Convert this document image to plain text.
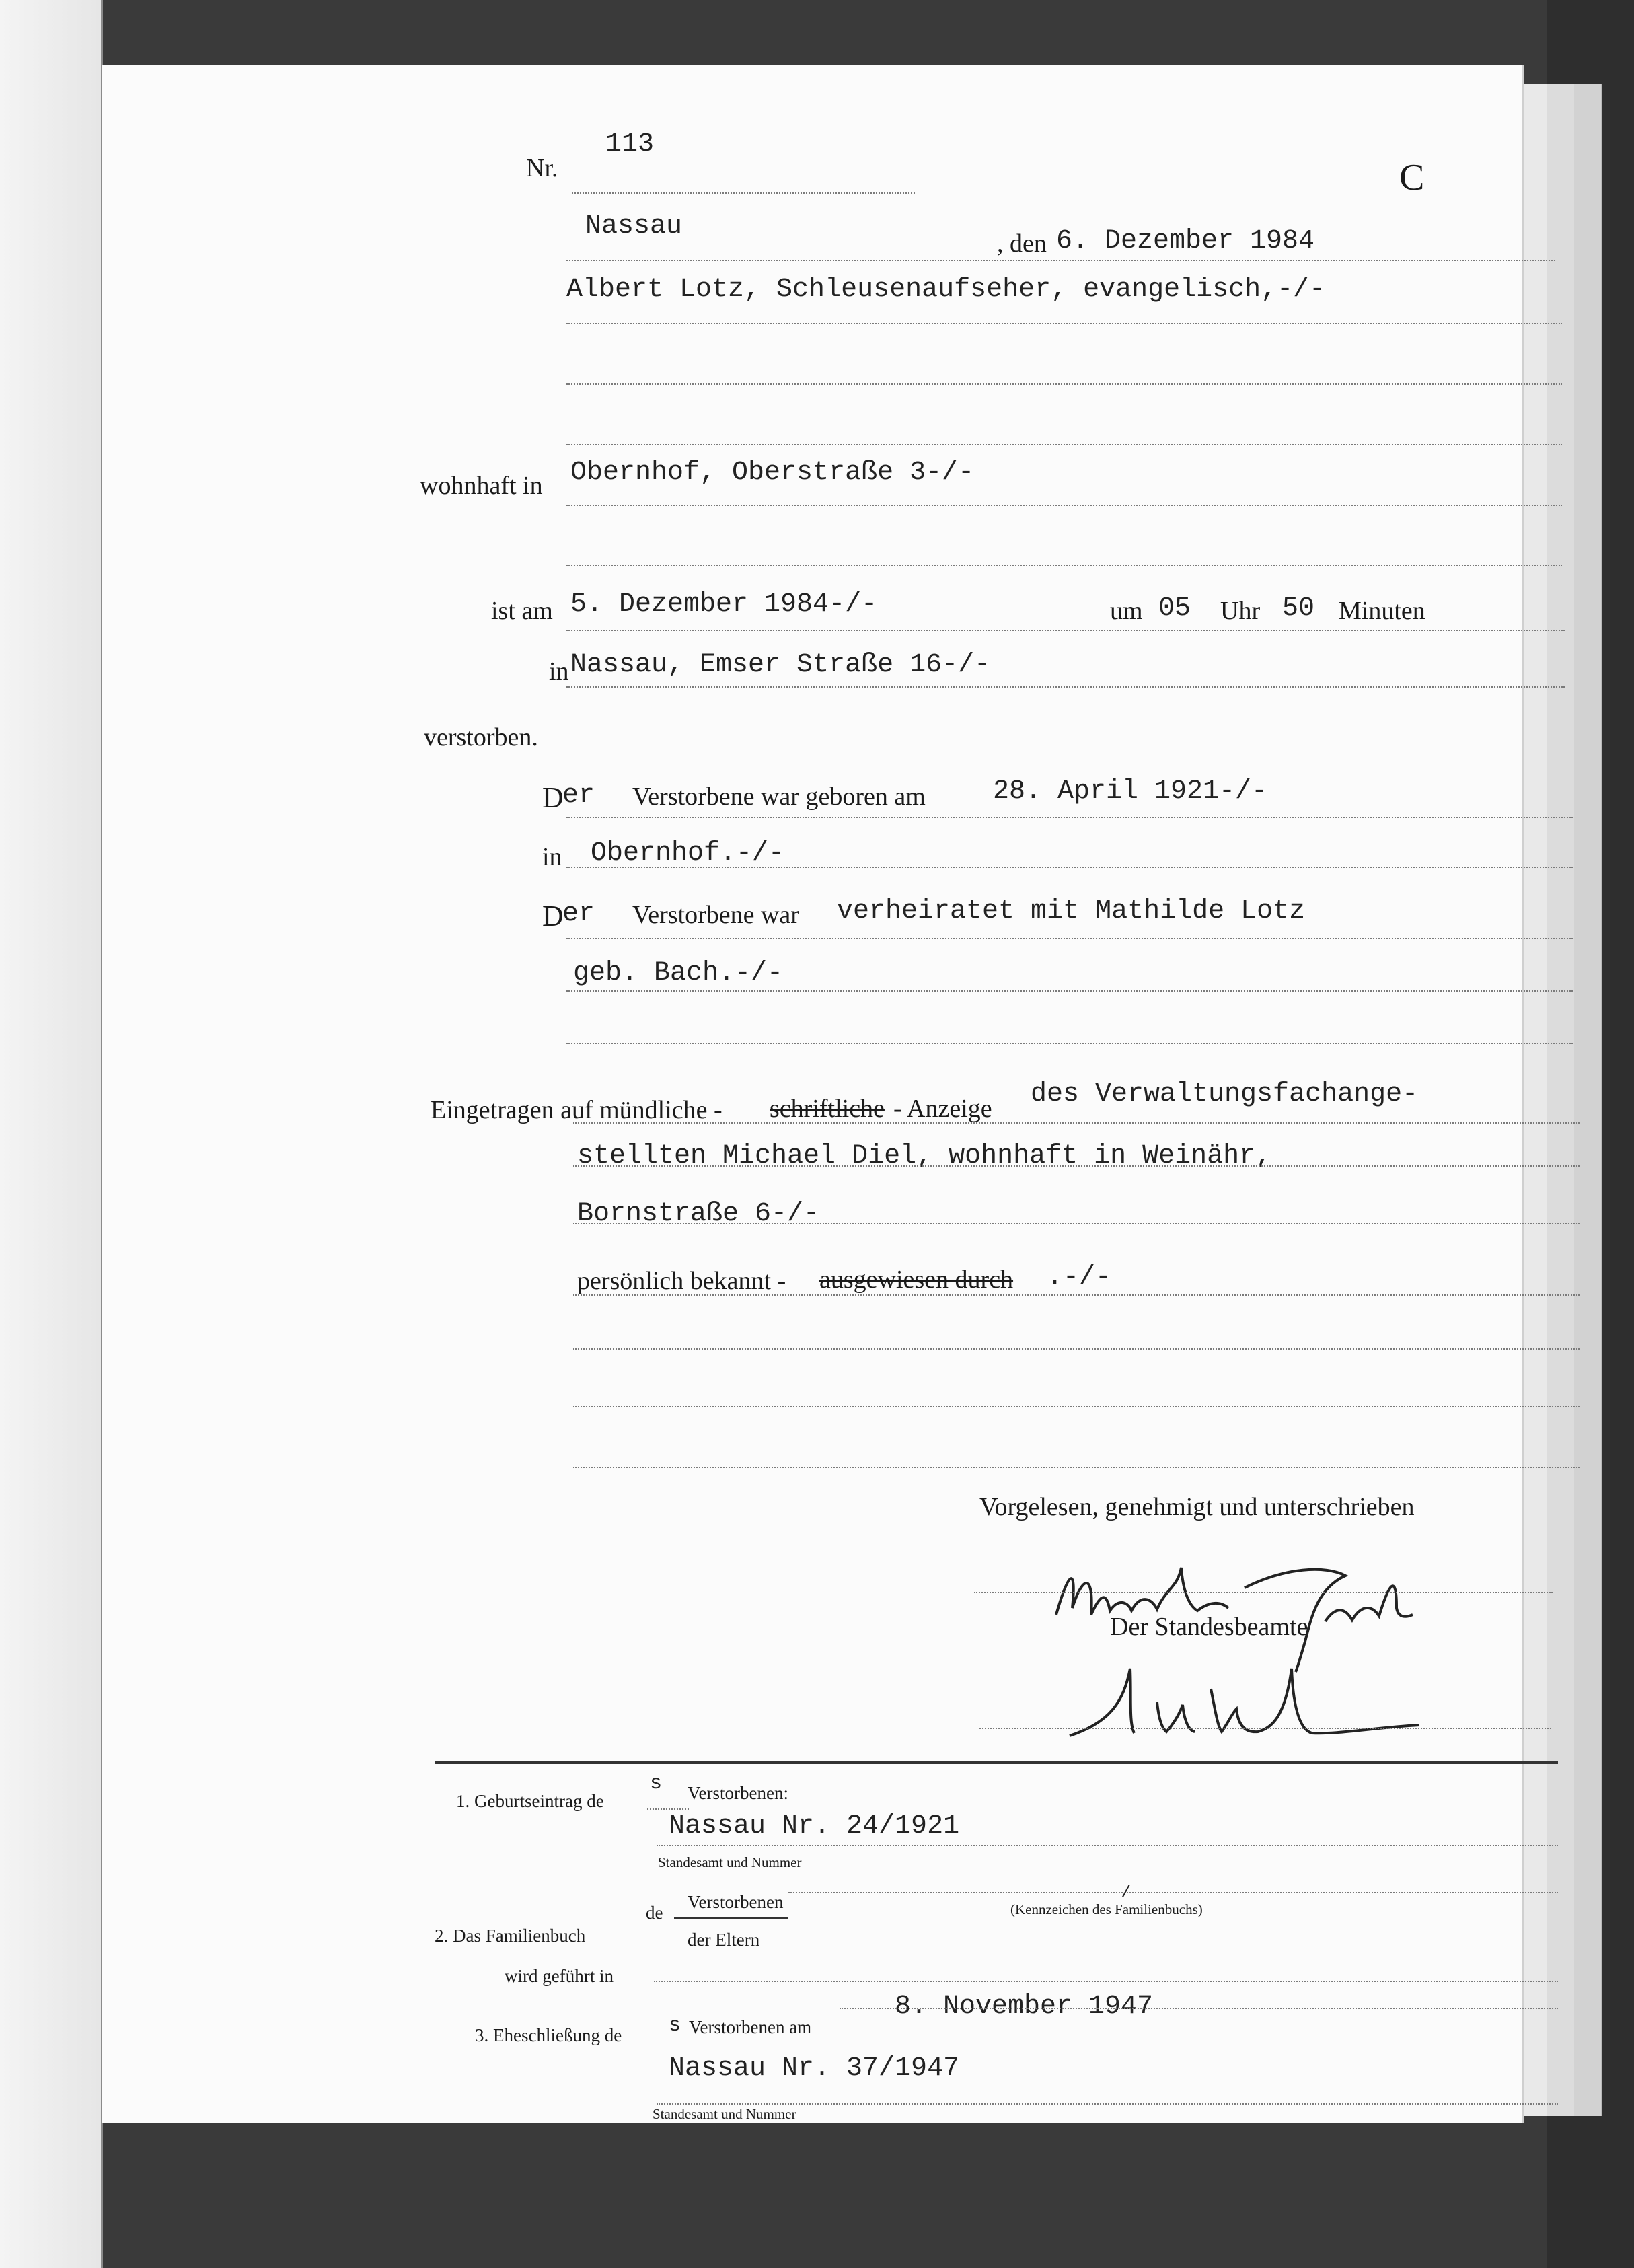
Nr.
113
C
Nassau
, den 6. Dezember 1984
Albert Lotz, Schleusenaufseher, evangelisch,-/-
wohnhaft in Obernhof, Oberstraße 3-/-
ist am 5. Dezember 1984-/-	um 05 Uhr 50 Minuten
in Nassau, Emser Straße 16-/-
verstorben.
D
er Verstorbene war geboren am	28. April 1921-/-
in Obernhof.-/-
D
er Verstorbene war verheiratet mit Mathilde Lotz
geb. Bach.-/-
Eingetragen auf mündliche - schriftliche - Anzeige des Verwaltungsfachange-
stellten Michael Diel, wohnhaft in Weinähr,
Bornstraße 6-/-
persönlich bekannt - ausgewiesen durch .-/-
Vorgelesen, genehmigt und unterschrieben
Der Standesbeamte
1. Geburtseintrag de
s Verstorbenen:
Nassau Nr. 24/1921
Standesamt und Nummer
de
Verstorbenen
2. Das Familienbuch	der Eltern
/
(Kennzeichen des Familienbuchs)
wird geführt in
3. Eheschließung de s Verstorbenen am
8. November 1947
Nassau Nr. 37/1947
Standesamt und Nummer
